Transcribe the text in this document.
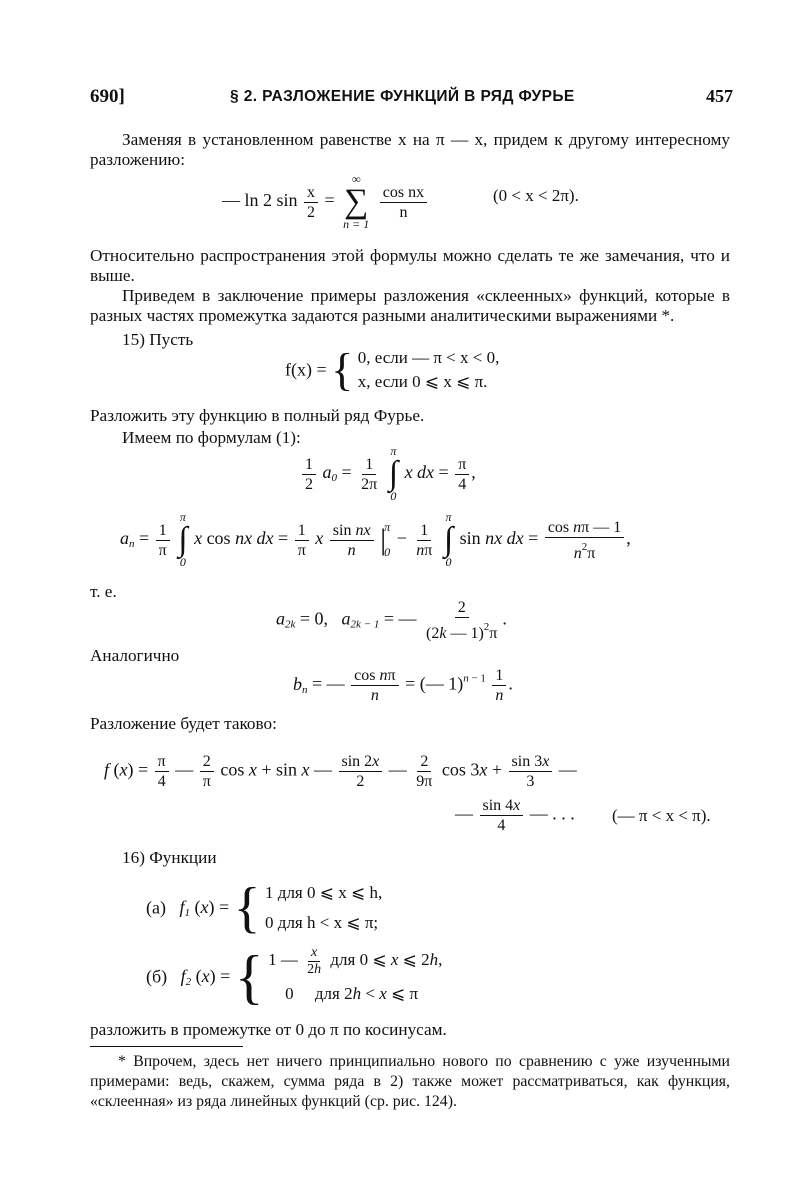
690]	§ 2. РАЗЛОЖЕНИЕ ФУНКЦИЙ В РЯД ФУРЬЕ	457
Заменяя в установленном равенстве x на π — x, придем к другому интересному разложению:
— ln 2 $\sin \frac{x}{2}$ =
∞
∑
n = 1

$\frac{\text{cos nx}}{n}$	(0 < x < 2π).
Относительно распространения этой формулы можно сделать те же замечания, что и выше.
Приведем в заключение примеры разложения «склеенных» функций, которые в разных частях промежутка задаются разными аналитическими выражениями *.
15) Пусть
f(x) = { 0, если — π < x < 0,
x, если 0 ⩽ x ⩽ π.
Разложить эту функцию в полный ряд Фурье.
Имеем по формулам (1):
$\frac{1}{2} a_0 = \frac{1}{2\pi}$

π
∫
0
x dx = $\frac{\pi}{4}$ ,
$a_n = \frac{1}{\pi}$

π
∫
0
x cos nx dx = $\frac{1}{\pi}$ x $\frac{\text{sin nx}}{n}$ |
π
0
− $\frac{1}{n\pi}$

π
∫
0
sin nx dx = $\frac{\text{cos nπ — 1}}{n^2\pi}$ ,
т. е.
$a_{2k} = 0$,   $a_{2k - 1}$ = — $\frac{2}{(2k — 1)^2\pi}$ .
Аналогично
$b_n$ = — $\frac{\text{cos nπ}}{n}$ = (— $1)^{n - 1} \frac{1}{n}$ .
Разложение будет таково:
f $(x) = \frac{\pi}{4}$ — $\frac{2}{\pi}$ cos x + sin x — $\frac{\sin 2x}{2}$ — $\frac{2}{9\pi}$ $\cos 3x + \frac{\sin 3x}{3}$ —
— $\frac{\sin 4x}{4}$ — . . . (— π < x < π).
16) Функции
(а) $f_1$ (x) = { 1 для 0 ⩽ x ⩽ h,
0 для h < x ⩽ π;
(б) $f_2$ (x) = { 1 — $\frac{x}{2h}$ для 0 ⩽ x ⩽ 2h,
0     для 2h < x ⩽ π
разложить в промежутке от 0 до π по косинусам.
* Впрочем, здесь нет ничего принципиально нового по сравнению с уже изученными примерами: ведь, скажем, сумма ряда в 2) также может рассматриваться, как функция, «склеенная» из ряда линейных функций (ср. рис. 124).
